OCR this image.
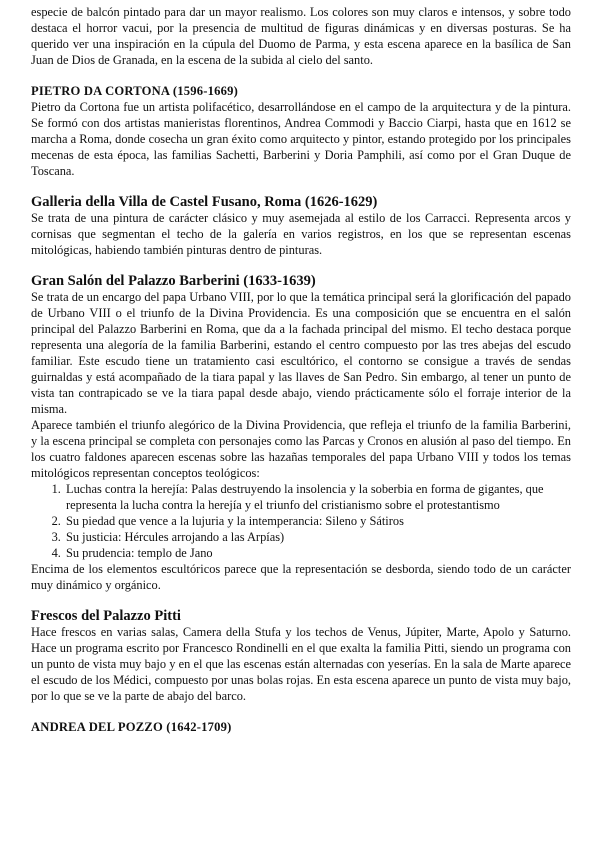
especie de balcón pintado para dar un mayor realismo. Los colores son muy claros e intensos, y sobre todo destaca el horror vacui, por la presencia de multitud de figuras dinámicas y en diversas posturas. Se ha querido ver una inspiración en la cúpula del Duomo de Parma, y esta escena aparece en la basílica de San Juan de Dios de Granada, en la escena de la subida al cielo del santo.

PIETRO DA CORTONA (1596-1669)

Pietro da Cortona fue un artista polifacético, desarrollándose en el campo de la arquitectura y de la pintura. Se formó con dos artistas manieristas florentinos, Andrea Commodi y Baccio Ciarpi, hasta que en 1612 se marcha a Roma, donde cosecha un gran éxito como arquitecto y pintor, estando protegido por los principales mecenas de esta época, las familias Sachetti, Barberini y Doria Pamphili, así como por el Gran Duque de Toscana.

Galleria della Villa de Castel Fusano, Roma (1626-1629)

Se trata de una pintura de carácter clásico y muy asemejada al estilo de los Carracci. Representa arcos y cornisas que segmentan el techo de la galería en varios registros, en los que se representan escenas mitológicas, habiendo también pinturas dentro de pinturas.

Gran Salón del Palazzo Barberini (1633-1639)

Se trata de un encargo del papa Urbano VIII, por lo que la temática principal será la glorificación del papado de Urbano VIII o el triunfo de la Divina Providencia. Es una composición que se encuentra en el salón principal del Palazzo Barberini en Roma, que da a la fachada principal del mismo. El techo destaca porque representa una alegoría de la familia Barberini, estando el centro compuesto por las tres abejas del escudo familiar. Este escudo tiene un tratamiento casi escultórico, el contorno se consigue a través de sendas guirnaldas y está acompañado de la tiara papal y las llaves de San Pedro. Sin embargo, al tener un punto de vista tan contrapicado se ve la tiara papal desde abajo, viendo prácticamente sólo el forraje interior de la misma.

Aparece también el triunfo alegórico de la Divina Providencia, que refleja el triunfo de la familia Barberini, y la escena principal se completa con personajes como las Parcas y Cronos en alusión al paso del tiempo. En los cuatro faldones aparecen escenas sobre las hazañas temporales del papa Urbano VIII y todos los temas mitológicos representan conceptos teológicos:

1. Luchas contra la herejía: Palas destruyendo la insolencia y la soberbia en forma de gigantes, que representa la lucha contra la herejía y el triunfo del cristianismo sobre el protestantismo
2. Su piedad que vence a la lujuria y la intemperancia: Sileno y Sátiros
3. Su justicia: Hércules arrojando a las Arpías)
4. Su prudencia: templo de Jano

Encima de los elementos escultóricos parece que la representación se desborda, siendo todo de un carácter muy dinámico y orgánico.

Frescos del Palazzo Pitti

Hace frescos en varias salas, Camera della Stufa y los techos de Venus, Júpiter, Marte, Apolo y Saturno. Hace un programa escrito por Francesco Rondinelli en el que exalta la familia Pitti, siendo un programa con un punto de vista muy bajo y en el que las escenas están alternadas con yeserías. En la sala de Marte aparece el escudo de los Médici, compuesto por unas bolas rojas. En esta escena aparece un punto de vista muy bajo, por lo que se ve la parte de abajo del barco.

ANDREA DEL POZZO (1642-1709)
